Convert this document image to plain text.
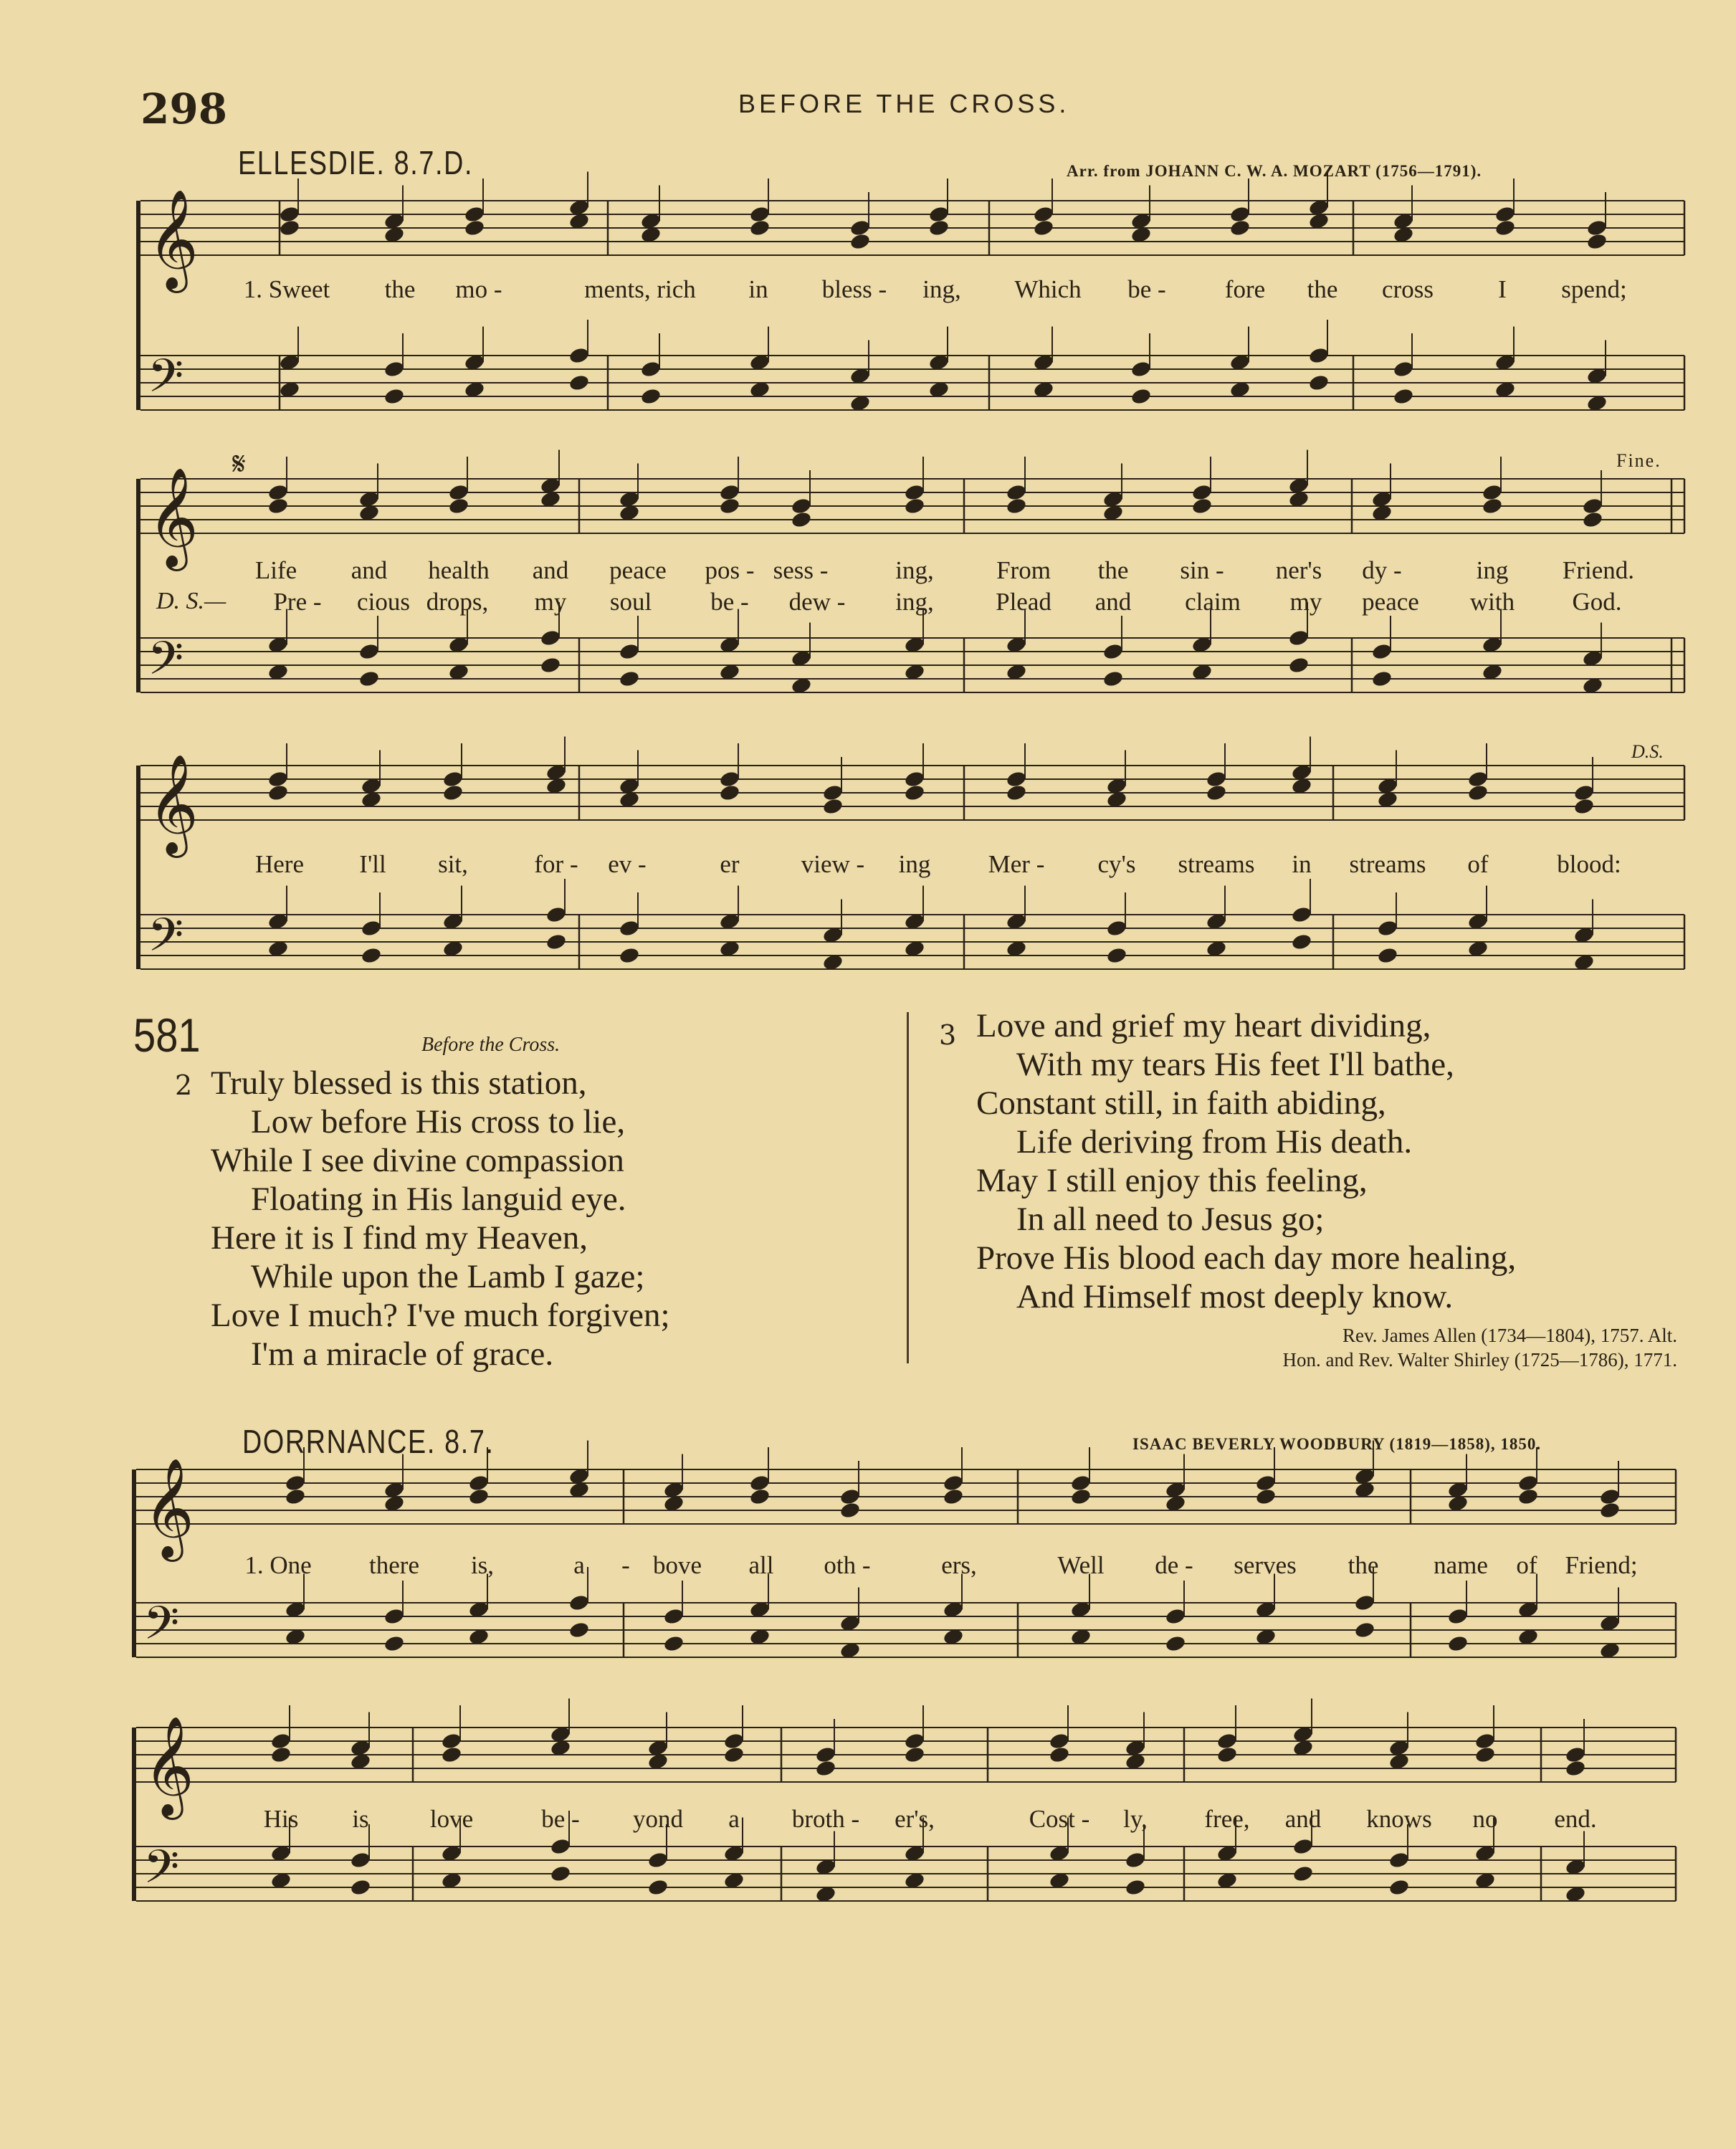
298	BEFORE THE CROSS.
ELLESDIE. 8.7.D.	Arr. from JOHANN C. W. A. MOZART (1756—1791).
𝄞
𝄢
𝄞
𝄢
𝄞
𝄢
𝄞
𝄢
𝄞
𝄢
1. Sweet the mo -	ments, rich in bless - ing, Which be - fore the cross	I spend;
Life and health and peace pos - sess -	ing, From the sin - ner's dy -	ing Friend.
Pre - cious drops, my soul be - dew - ing, Plead and claim my peace with God.
D. S.—
Here I'll sit,	for - ev -	er view - ing Mer - cy's streams in streams of	blood:
Fine.
D.S.
𝄋
581	Before the Cross.
2 Truly blessed is this station,
Low before His cross to lie,
While I see divine compassion
Floating in His languid eye.
Here it is I find my Heaven,
While upon the Lamb I gaze;
Love I much? I've much forgiven;
I'm a miracle of grace.
3 Love and grief my heart dividing,
With my tears His feet I'll bathe,
Constant still, in faith abiding,
Life deriving from His death.
May I still enjoy this feeling,
In all need to Jesus go;
Prove His blood each day more healing,
And Himself most deeply know.
Rev. James Allen (1734—1804), 1757. Alt.
Hon. and Rev. Walter Shirley (1725—1786), 1771.
DORRNANCE. 8.7.	ISAAC BEVERLY WOODBURY (1819—1858), 1850.
1. One there is,	a - bove all oth -	ers,	Well de - serves the name of Friend;
His is love	be - yond a broth - er's,	Cost - ly, free, and knows no end.
